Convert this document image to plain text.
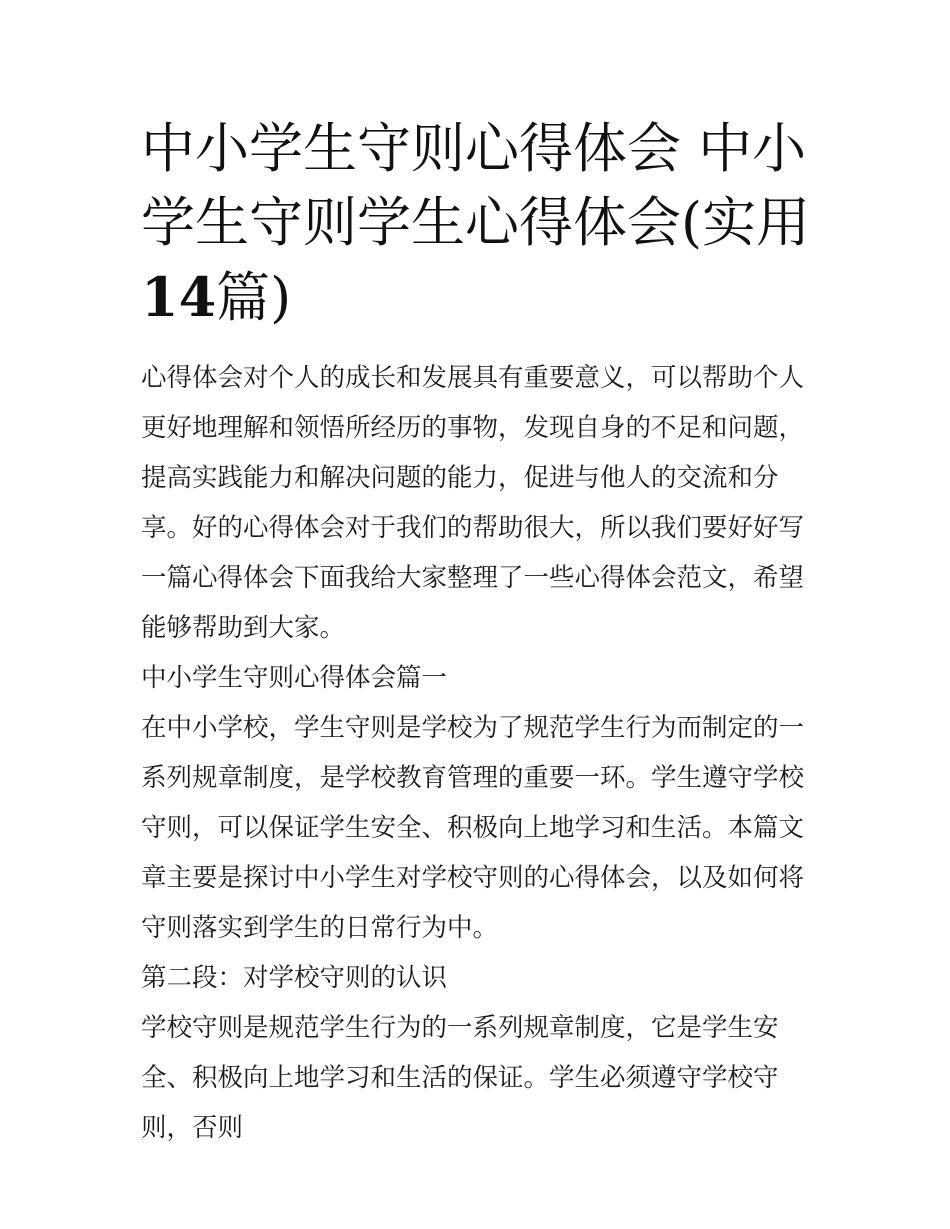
中小学生守则心得体会 中小学生守则学生心得体会(实用14篇)

心得体会对个人的成长和发展具有重要意义，可以帮助个人更好地理解和领悟所经历的事物，发现自身的不足和问题，提高实践能力和解决问题的能力，促进与他人的交流和分享。好的心得体会对于我们的帮助很大，所以我们要好好写一篇心得体会下面我给大家整理了一些心得体会范文，希望能够帮助到大家。

中小学生守则心得体会篇一

在中小学校，学生守则是学校为了规范学生行为而制定的一系列规章制度，是学校教育管理的重要一环。学生遵守学校守则，可以保证学生安全、积极向上地学习和生活。本篇文章主要是探讨中小学生对学校守则的心得体会，以及如何将守则落实到学生的日常行为中。

第二段：对学校守则的认识

学校守则是规范学生行为的一系列规章制度，它是学生安全、积极向上地学习和生活的保证。学生必须遵守学校守则，否则
